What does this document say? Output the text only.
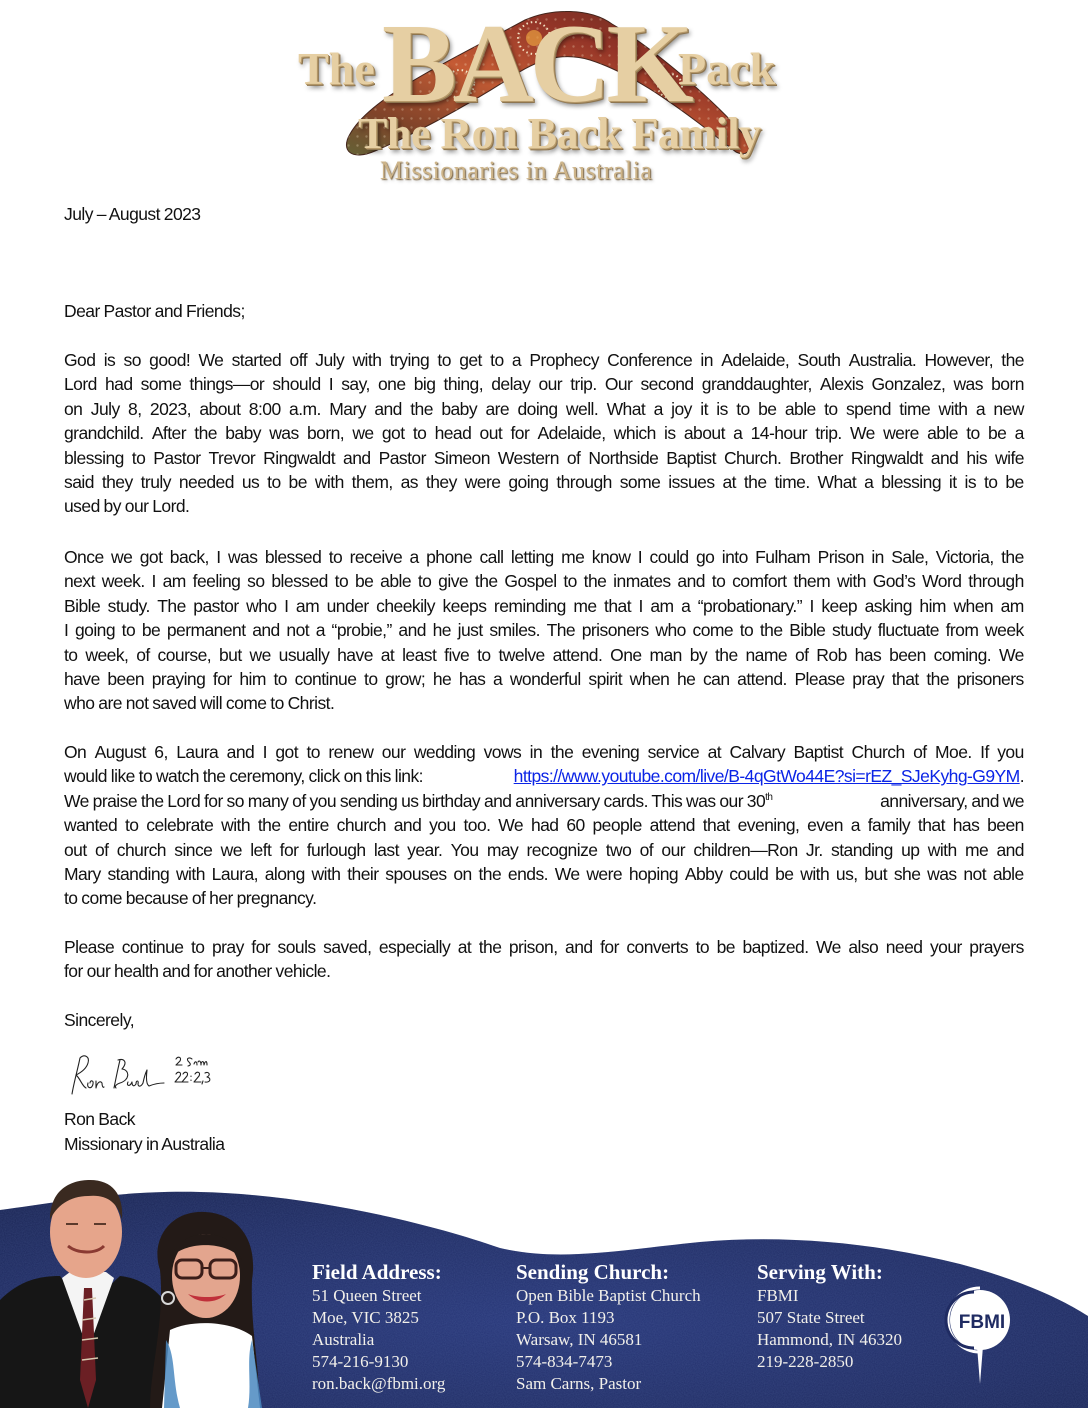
The BACK
Pack
The Ron Back Family
Missionaries in Australia
July – August 2023
Dear Pastor and Friends;
God is so good! We started off July with trying to get to a Prophecy Conference in Adelaide, South Australia. However, the
Lord had some things—or should I say, one big thing, delay our trip. Our second granddaughter, Alexis Gonzalez, was born
on July 8, 2023, about 8:00 a.m. Mary and the baby are doing well. What a joy it is to be able to spend time with a new
grandchild. After the baby was born, we got to head out for Adelaide, which is about a 14-hour trip. We were able to be a
blessing to Pastor Trevor Ringwaldt and Pastor Simeon Western of Northside Baptist Church. Brother Ringwaldt and his wife
said they truly needed us to be with them, as they were going through some issues at the time. What a blessing it is to be
used by our Lord.
Once we got back, I was blessed to receive a phone call letting me know I could go into Fulham Prison in Sale, Victoria, the
next week. I am feeling so blessed to be able to give the Gospel to the inmates and to comfort them with God’s Word through
Bible study. The pastor who I am under cheekily keeps reminding me that I am a “probationary.” I keep asking him when am
I going to be permanent and not a “probie,” and he just smiles. The prisoners who come to the Bible study fluctuate from week
to week, of course, but we usually have at least five to twelve attend. One man by the name of Rob has been coming. We
have been praying for him to continue to grow; he has a wonderful spirit when he can attend. Please pray that the prisoners
who are not saved will come to Christ.
On August 6, Laura and I got to renew our wedding vows in the evening service at Calvary Baptist Church of Moe. If you
would like to watch the ceremony, click on this link:	https://www.youtube.com/live/B-4qGtWo44E?si=rEZ_SJeKyhg-G9YM.
We praise the Lord for so many of you sending us birthday and anniversary cards. This was our 30th	anniversary, and we
wanted to celebrate with the entire church and you too. We had 60 people attend that evening, even a family that has been
out of church since we left for furlough last year. You may recognize two of our children—Ron Jr. standing up with me and
Mary standing with Laura, along with their spouses on the ends. We were hoping Abby could be with us, but she was not able
to come because of her pregnancy.
Please continue to pray for souls saved, especially at the prison, and for converts to be baptized. We also need your prayers
for our health and for another vehicle.
Sincerely,
Ron Back
Missionary in Australia
Field Address:
51 Queen Street
Moe, VIC 3825
Australia
574-216-9130
ron.back@fbmi.org
Sending Church:
Open Bible Baptist Church
P.O. Box 1193
Warsaw, IN 46581
574-834-7473
Sam Carns, Pastor
Serving With:
FBMI
507 State Street
Hammond, IN 46320
219-228-2850
FBMI
